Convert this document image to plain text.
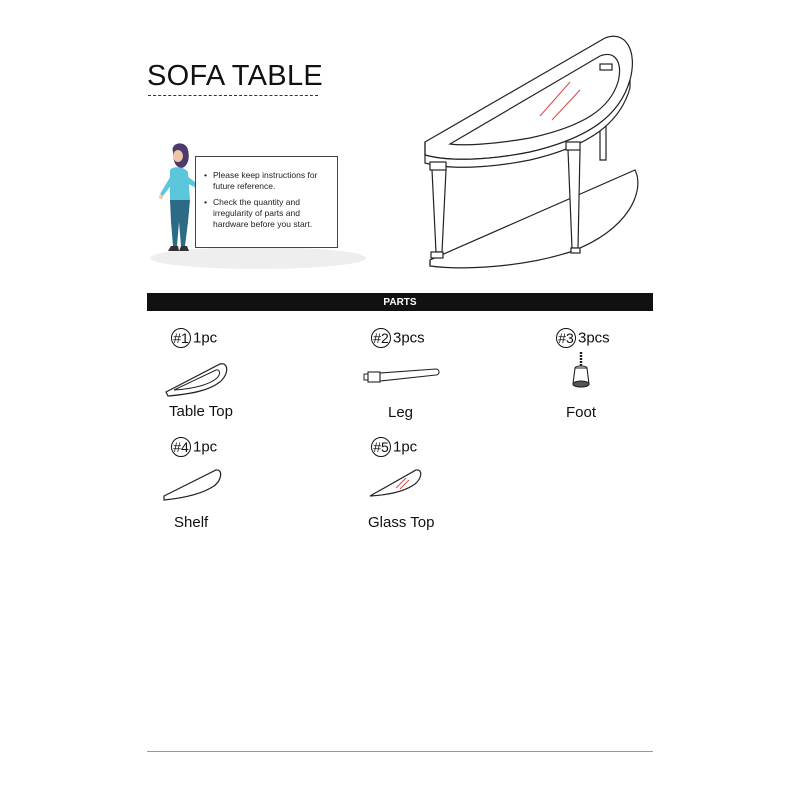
SOFA TABLE
• Please keep instructions for future reference.
• Check the quantity and irregularity of parts and hardware before you start.
PARTS
#1 1pc
Table Top
#2 3pcs
Leg
#3 3pcs
Foot
#4 1pc
Shelf
#5 1pc
Glass Top
